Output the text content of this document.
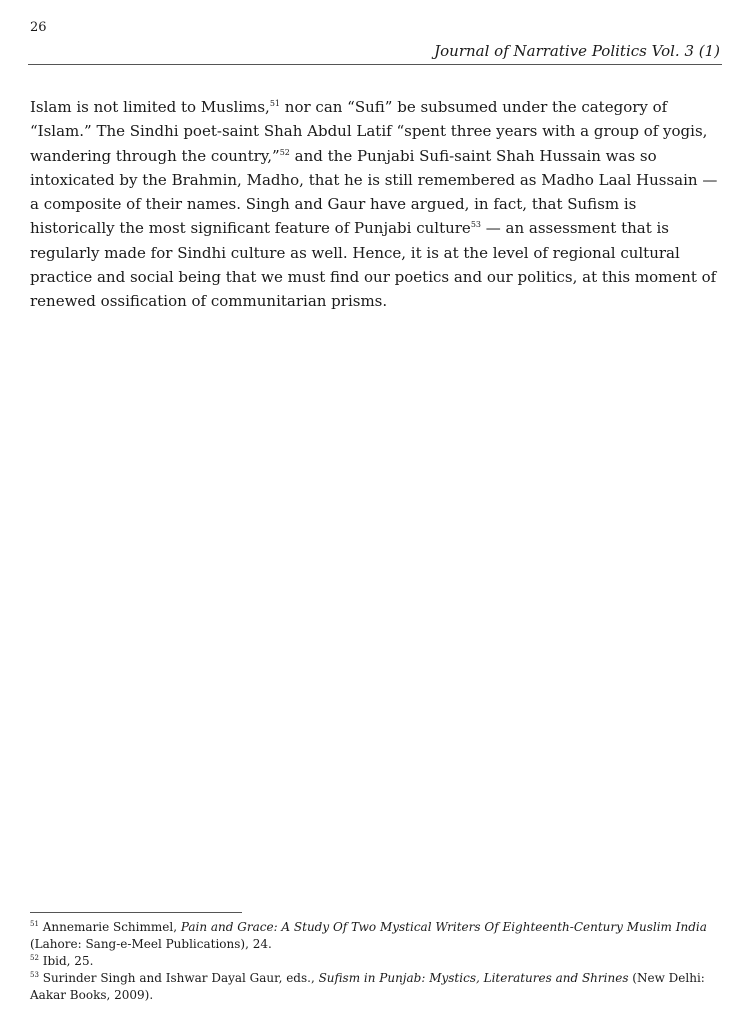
26
Journal of Narrative Politics Vol. 3 (1)

Islam is not limited to Muslims,$^{51}$ nor can “Sufi” be subsumed under the category of “Islam.” The Sindhi poet-saint Shah Abdul Latif “spent three years with a group of yogis, wandering through the country,”$^{52}$ and the Punjabi Sufi-saint Shah Hussain was so intoxicated by the Brahmin, Madho, that he is still remembered as Madho Laal Hussain — a composite of their names. Singh and Gaur have argued, in fact, that Sufism is historically the most significant feature of Punjabi culture$^{53}$ — an assessment that is regularly made for Sindhi culture as well. Hence, it is at the level of regional cultural practice and social being that we must find our poetics and our politics, at this moment of renewed ossification of communitarian prisms.

$^{51}$ Annemarie Schimmel, Pain and Grace: A Study Of Two Mystical Writers Of Eighteenth-Century Muslim India (Lahore: Sang-e-Meel Publications), 24.

$^{52}$ Ibid, 25.

$^{53}$ Surinder Singh and Ishwar Dayal Gaur, eds., Sufism in Punjab: Mystics, Literatures and Shrines (New Delhi: Aakar Books, 2009).
